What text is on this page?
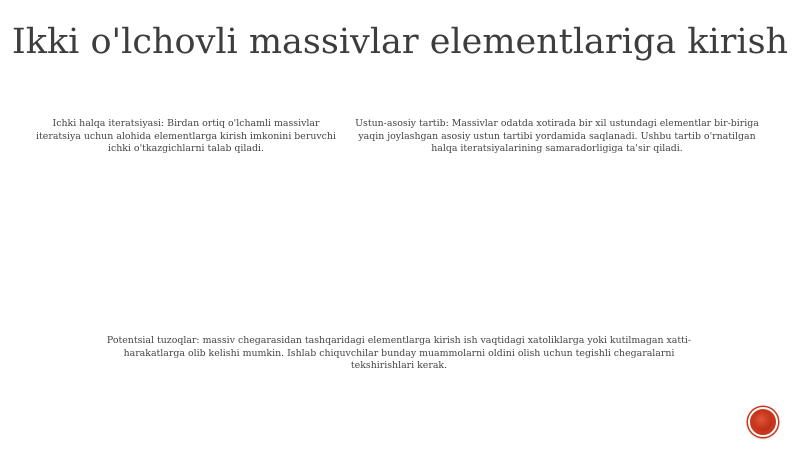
Ikki o'lchovli massivlar elementlariga kirish
Ichki halqa iteratsiyasi: Birdan ortiq o'lchamli massivlar iteratsiya uchun alohida elementlarga kirish imkonini beruvchi ichki o'tkazgichlarni talab qiladi.
Ustun-asosiy tartib: Massivlar odatda xotirada bir xil ustundagi elementlar bir-biriga yaqin joylashgan asosiy ustun tartibi yordamida saqlanadi. Ushbu tartib o'rnatilgan halqa iteratsiyalarining samaradorligiga ta'sir qiladi.
Potentsial tuzoqlar: massiv chegarasidan tashqaridagi elementlarga kirish ish vaqtidagi xatoliklarga yoki kutilmagan xatti-harakatlarga olib kelishi mumkin. Ishlab chiquvchilar bunday muammolarni oldini olish uchun tegishli chegaralarni tekshirishlari kerak.
